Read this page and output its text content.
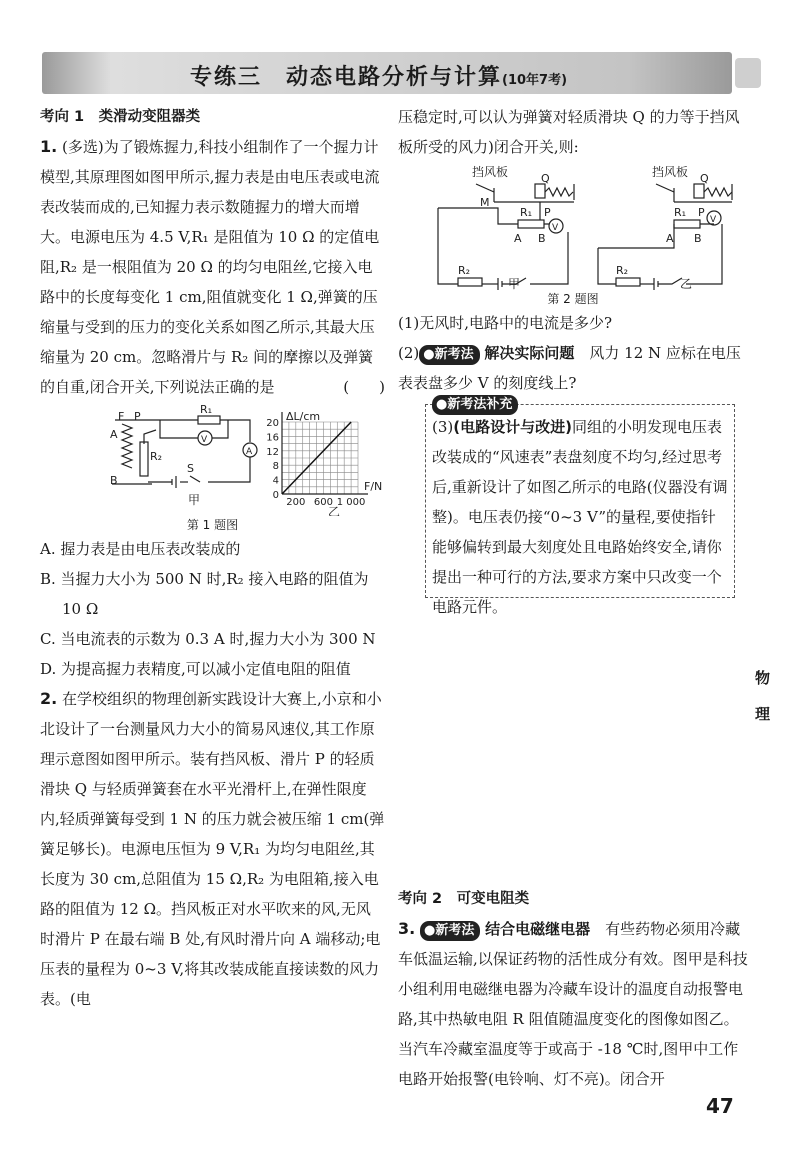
专练三　动态电路分析与计算(10年7考)
考向 1　类滑动变阻器类
1. (多选)为了锻炼握力,科技小组制作了一个握力计模型,其原理图如图甲所示,握力表是由电压表或电流表改装而成的,已知握力表示数随握力的增大而增大。电源电压为 4.5 V,R₁ 是阻值为 10 Ω 的定值电阻,R₂ 是一根阻值为 20 Ω 的均匀电阻丝,它接入电路中的长度每变化 1 cm,阻值就变化 1 Ω,弹簧的压缩量与受到的压力的变化关系如图乙所示,其最大压缩量为 20 cm。忽略滑片与 R₂ 间的摩擦以及弹簧的自重,闭合开关,下列说法正确的是	(　　)
F P
R₁
A
B
R₂
S
V
A
甲
20
16
12
8
4
0
200 600 1 000
ΔL/cm
F/N
乙
第 1 题图
A. 握力表是由电压表改装成的
B. 当握力大小为 500 N 时,R₂ 接入电路的阻值为 10 Ω
C. 当电流表的示数为 0.3 A 时,握力大小为 300 N
D. 为提高握力表精度,可以减小定值电阻的阻值
2. 在学校组织的物理创新实践设计大赛上,小京和小北设计了一台测量风力大小的简易风速仪,其工作原理示意图如图甲所示。装有挡风板、滑片 P 的轻质滑块 Q 与轻质弹簧套在水平光滑杆上,在弹性限度内,轻质弹簧每受到 1 N 的压力就会被压缩 1 cm(弹簧足够长)。电源电压恒为 9 V,R₁ 为均匀电阻丝,其长度为 30 cm,总阻值为 15 Ω,R₂ 为电阻箱,接入电路的阻值为 12 Ω。挡风板正对水平吹来的风,无风时滑片 P 在最右端 B 处,有风时滑片向 A 端移动;电压表的量程为 0~3 V,将其改装成能直接读数的风力表。(电
压稳定时,可以认为弹簧对轻质滑块 Q 的力等于挡风板所受的风力)闭合开关,则:
挡风板	Q
M
P
R₁
V
A B
R₂
甲
挡风板 Q
P
R₁
V
A B
R₂
乙
第 2 题图
(1)无风时,电路中的电流是多少?
(2) ●新考法 解决实际问题　风力 12 N 应标在电压表表盘多少 V 的刻度线上?
●新考法补充
(3)(电路设计与改进)同组的小明发现电压表改装成的“风速表”表盘刻度不均匀,经过思考后,重新设计了如图乙所示的电路(仪器没有调整)。电压表仍接“0~3 V”的量程,要使指针能够偏转到最大刻度处且电路始终安全,请你提出一种可行的方法,要求方案中只改变一个电路元件。
考向 2　可变电阻类
3. ●新考法 结合电磁继电器　有些药物必须用冷藏车低温运输,以保证药物的活性成分有效。图甲是科技小组利用电磁继电器为冷藏车设计的温度自动报警电路,其中热敏电阻 R 阻值随温度变化的图像如图乙。当汽车冷藏室温度等于或高于 -18 ℃时,图甲中工作电路开始报警(电铃响、灯不亮)。闭合开
物
理
47
